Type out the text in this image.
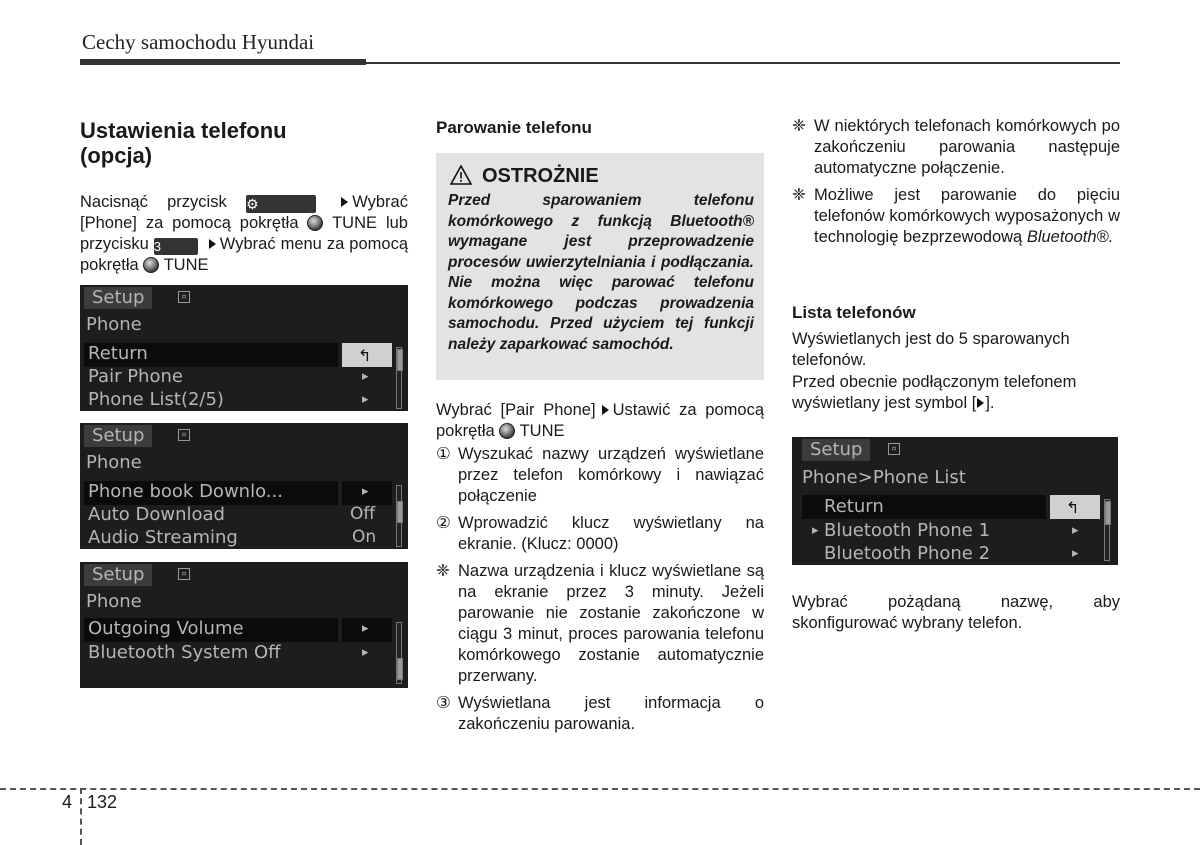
Cechy samochodu Hyundai
Ustawienia telefonu (opcja)
Nacisnąć przycisk ⚙	Wybrać [Phone] za pomocą pokrętła TUNE lub przycisku 3	Wybrać menu za pomocą pokrętła TUNE
Setup	¤
Phone
Return	↰
Pair Phone	▸
Phone List(2/5)	▸
Setup	¤
Phone
Phone book Downlo...	▸
Auto Download	Off
Audio Streaming	On
Setup	¤
Phone
Outgoing Volume	▸
Bluetooth System Off	▸
Parowanie telefonu
OSTROŻNIE
Przed sparowaniem telefonu komórkowego z funkcją Bluetooth® wymagane jest przeprowadzenie procesów uwierzytelniania i podłączania. Nie można więc parować telefonu komórkowego podczas prowadzenia samochodu. Przed użyciem tej funkcji należy zaparkować samochód.
Wybrać [Pair Phone] Ustawić za pomocą pokrętła TUNE
① Wyszukać nazwy urządzeń wyświetlane przez telefon komórkowy i nawiązać połączenie
② Wprowadzić klucz wyświetlany na ekranie. (Klucz: 0000)
❈ Nazwa urządzenia i klucz wyświetlane są na ekranie przez 3 minuty. Jeżeli parowanie nie zostanie zakończone w ciągu 3 minut, proces parowania telefonu komórkowego zostanie automatycznie przerwany.
③ Wyświetlana jest informacja o zakończeniu parowania.
❈ W niektórych telefonach komórkowych po zakończeniu parowania następuje automatyczne połączenie.
❈ Możliwe jest parowanie do pięciu telefonów komórkowych wyposażonych w technologię bezprzewodową Bluetooth®.
Lista telefonów
Wyświetlanych jest do 5 sparowanych telefonów.
Przed obecnie podłączonym telefonem wyświetlany jest symbol [ ].
Setup	¤
Phone>Phone List
Return	↰
▸ Bluetooth Phone 1	▸
Bluetooth Phone 2	▸
Wybrać pożądaną nazwę, aby skonfigurować wybrany telefon.
4 132
